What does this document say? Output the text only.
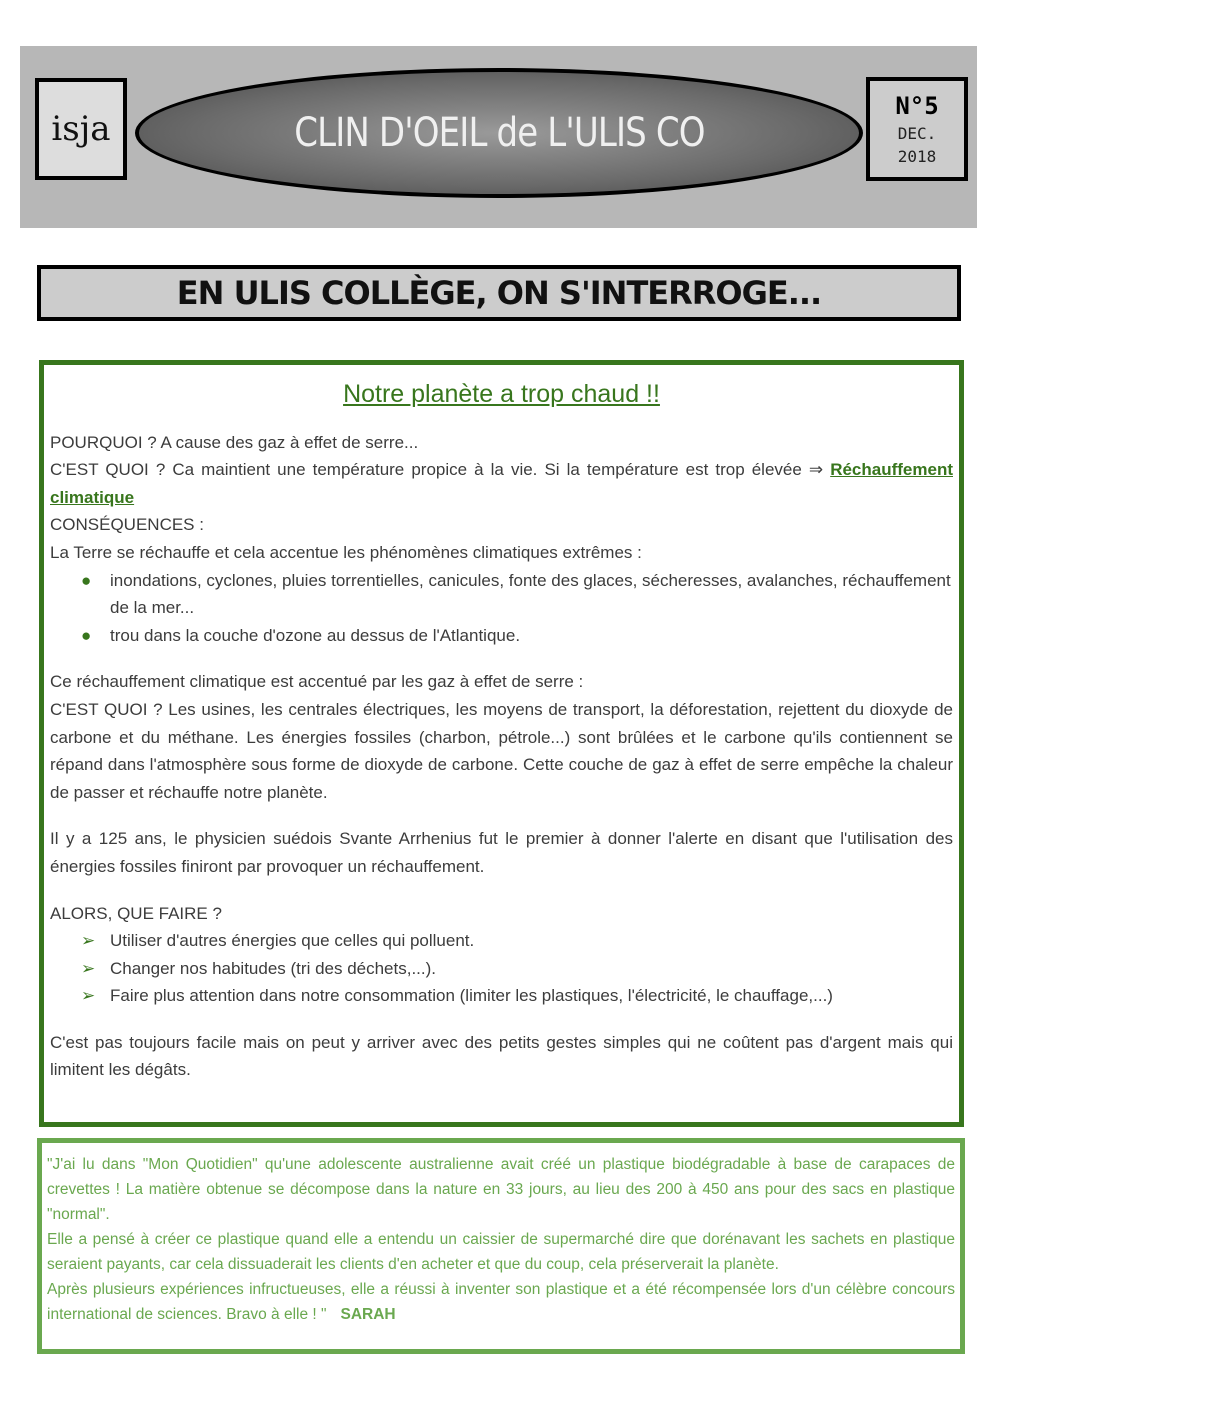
isja	CLIN D'OEIL de L'ULIS CO
N°5
DEC.
2018
EN ULIS COLLÈGE, ON S'INTERROGE...
Notre planète a trop chaud !!

POURQUOI ? A cause des gaz à effet de serre...

C'EST QUOI ? Ca maintient une température propice à la vie. Si la température est trop élevée ⇒ Réchauffement climatique

CONSÉQUENCES :

La Terre se réchauffe et cela accentue les phénomènes climatiques extrêmes :

● inondations, cyclones, pluies torrentielles, canicules, fonte des glaces, sécheresses, avalanches, réchauffement de la mer...
● trou dans la couche d'ozone au dessus de l'Atlantique.

Ce réchauffement climatique est accentué par les gaz à effet de serre :

C'EST QUOI ? Les usines, les centrales électriques, les moyens de transport, la déforestation, rejettent du dioxyde de carbone et du méthane. Les énergies fossiles (charbon, pétrole...) sont brûlées et le carbone qu'ils contiennent se répand dans l'atmosphère sous forme de dioxyde de carbone. Cette couche de gaz à effet de serre empêche la chaleur de passer et réchauffe notre planète.

Il y a 125 ans, le physicien suédois Svante Arrhenius fut le premier à donner l'alerte en disant que l'utilisation des énergies fossiles finiront par provoquer un réchauffement.

ALORS, QUE FAIRE ?

➢ Utiliser d'autres énergies que celles qui polluent.
➢ Changer nos habitudes (tri des déchets,...).
➢ Faire plus attention dans notre consommation (limiter les plastiques, l'électricité, le chauffage,...)

C'est pas toujours facile mais on peut y arriver avec des petits gestes simples qui ne coûtent pas d'argent mais qui limitent les dégâts.

"J'ai lu dans "Mon Quotidien" qu'une adolescente australienne avait créé un plastique biodégradable à base de carapaces de crevettes ! La matière obtenue se décompose dans la nature en 33 jours, au lieu des 200 à 450 ans pour des sacs en plastique "normal".

Elle a pensé à créer ce plastique quand elle a entendu un caissier de supermarché dire que dorénavant les sachets en plastique seraient payants, car cela dissuaderait les clients d'en acheter et que du coup, cela préserverait la planète.

Après plusieurs expériences infructueuses, elle a réussi à inventer son plastique et a été récompensée lors d'un célèbre concours international de sciences. Bravo à elle ! " SARAH
